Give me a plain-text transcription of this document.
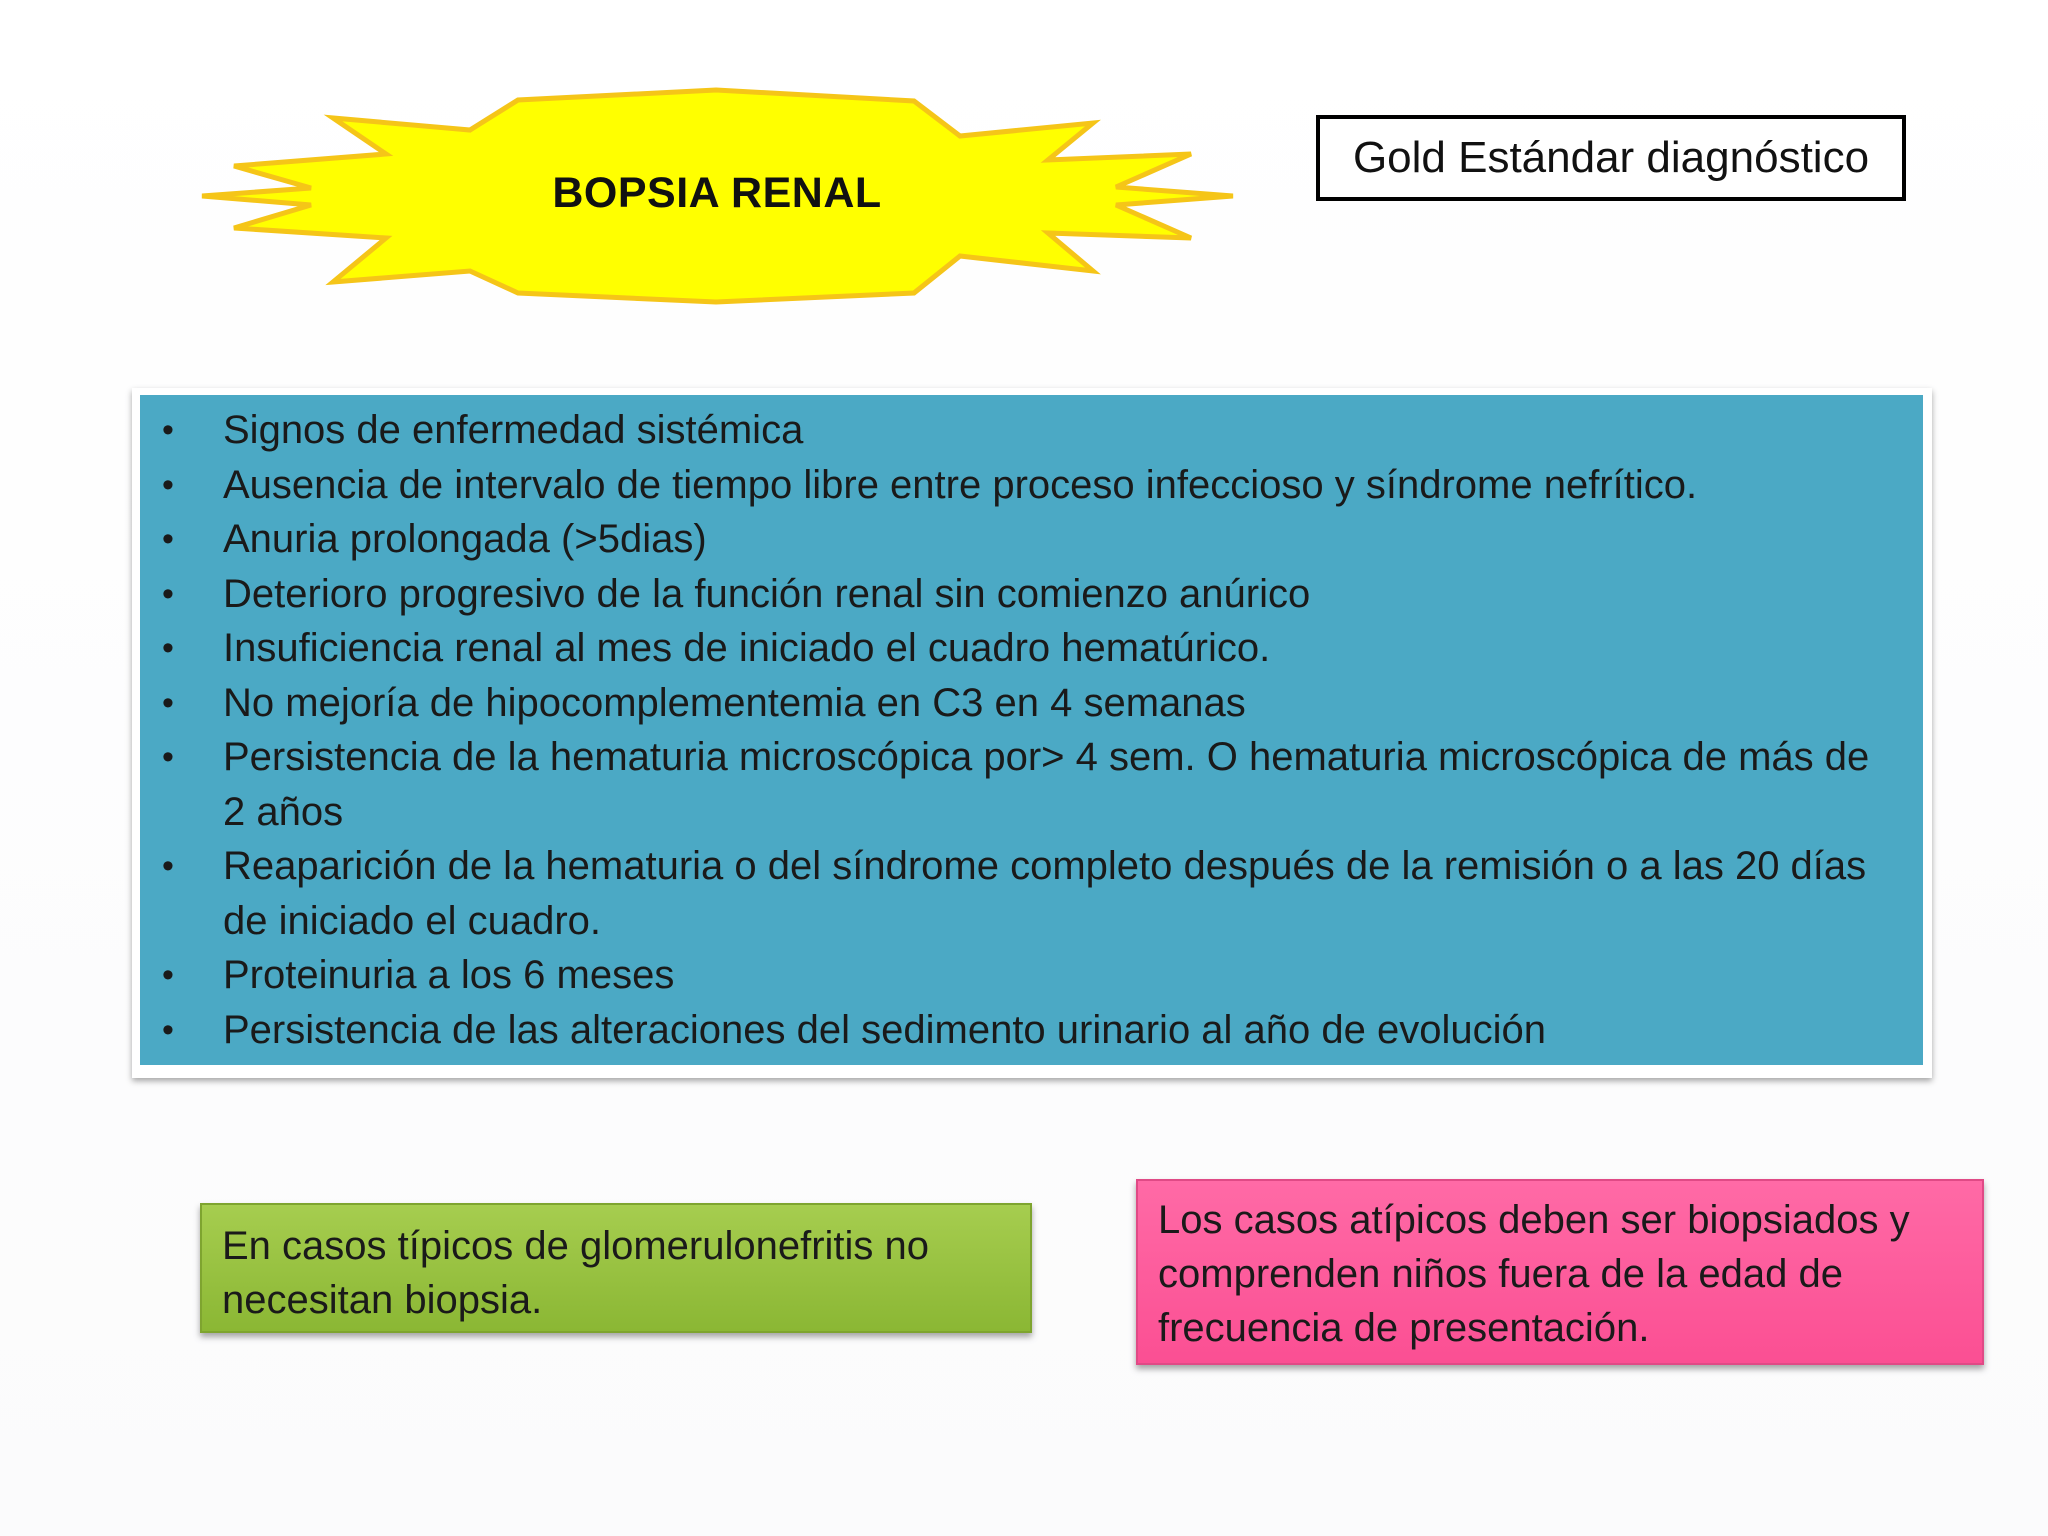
BOPSIA RENAL
Gold Estándar diagnóstico
• Signos de enfermedad sistémica
• Ausencia de intervalo de tiempo libre entre proceso infeccioso y síndrome nefrítico.
• Anuria prolongada (>5dias)
• Deterioro progresivo de la función renal sin comienzo anúrico
• Insuficiencia renal al mes de iniciado el cuadro hematúrico.
• No mejoría de hipocomplementemia en C3 en 4 semanas
• Persistencia de la hematuria microscópica por> 4 sem. O hematuria microscópica de más de 2 años
• Reaparición de la hematuria o del síndrome completo después de la remisión o a las 20 días de iniciado el cuadro.
• Proteinuria a los 6 meses
• Persistencia de las alteraciones del sedimento urinario al año de evolución
En casos típicos de glomerulonefritis no necesitan biopsia.
Los casos atípicos deben ser biopsiados y comprenden niños fuera de la edad de frecuencia de presentación.
